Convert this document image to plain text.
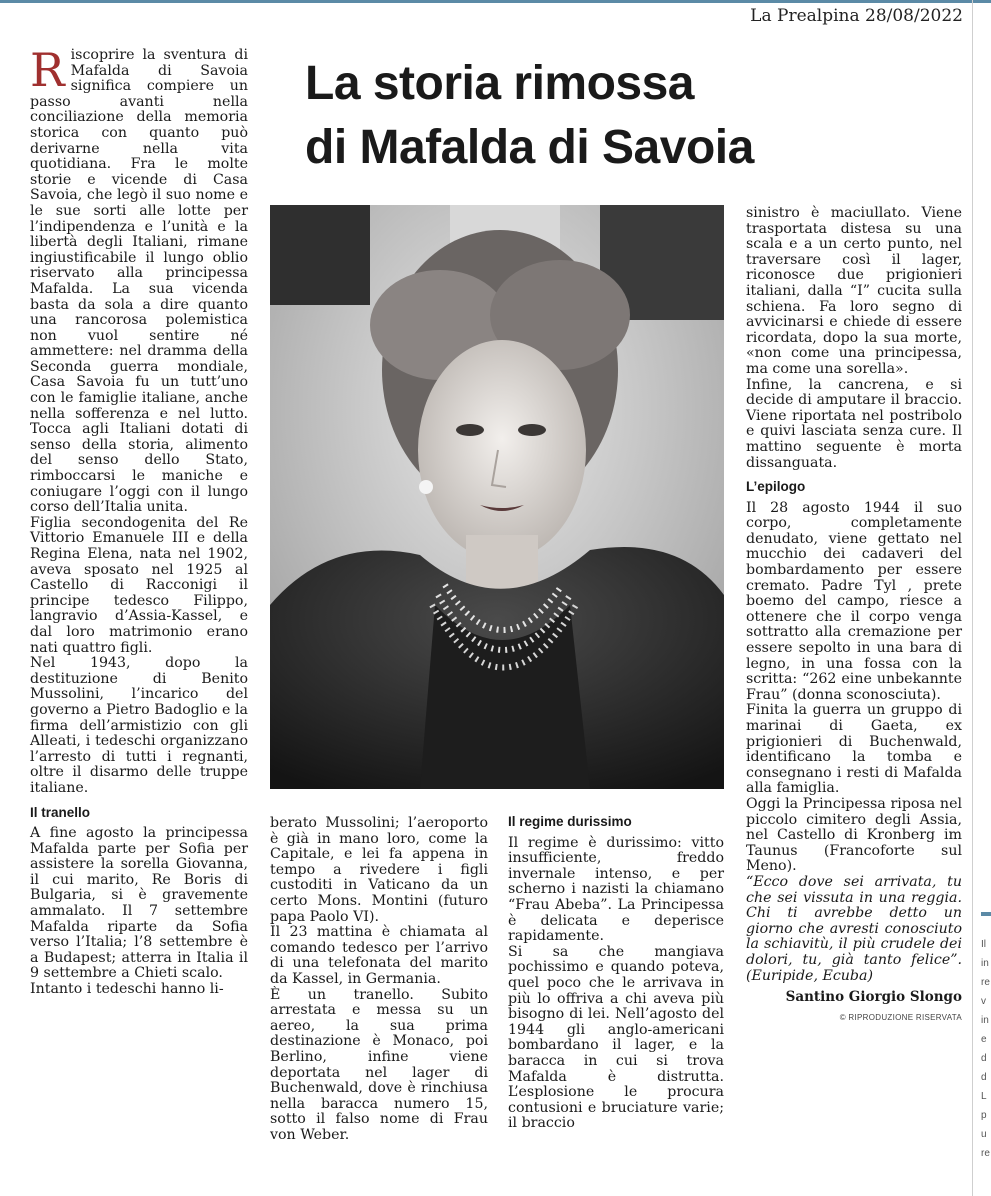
La Prealpina 28/08/2022
La storia rimossa
di Mafalda di Savoia

Riscoprire la sventura di Mafalda di Savoia significa compiere un passo avanti nella conciliazione della memoria storica con quanto può derivarne nella vita quotidiana. Fra le molte storie e vicende di Casa Savoia, che legò il suo nome e le sue sorti alle lotte per l’indipendenza e l’unità e la libertà degli Italiani, rimane ingiustificabile il lungo oblio riservato alla principessa Mafalda. La sua vicenda basta da sola a dire quanto una rancorosa polemistica non vuol sentire né ammettere: nel dramma della Seconda guerra mondiale, Casa Savoia fu un tutt’uno con le famiglie italiane, anche nella sofferenza e nel lutto. Tocca agli Italiani dotati di senso della storia, alimento del senso dello Stato, rimboccarsi le maniche e coniugare l’oggi con il lungo corso dell’Italia unita.

Figlia secondogenita del Re Vittorio Emanuele III e della Regina Elena, nata nel 1902, aveva sposato nel 1925 al Castello di Racconigi il principe tedesco Filippo, langravio d’Assia-Kassel, e dal loro matrimonio erano nati quattro figli.

Nel 1943, dopo la destituzione di Benito Mussolini, l’incarico del governo a Pietro Badoglio e la firma dell’armistizio con gli Alleati, i tedeschi organizzano l’arresto di tutti i regnanti, oltre il disarmo delle truppe italiane.

Il tranello

A fine agosto la principessa Mafalda parte per Sofia per assistere la sorella Giovanna, il cui marito, Re Boris di Bulgaria, si è gravemente ammalato. Il 7 settembre Mafalda riparte da Sofia verso l’Italia; l’8 settembre è a Budapest; atterra in Italia il 9 settembre a Chieti scalo.

Intanto i tedeschi hanno li-

berato Mussolini; l’aeroporto è già in mano loro, come la Capitale, e lei fa appena in tempo a rivedere i figli custoditi in Vaticano da un certo Mons. Montini (futuro papa Paolo VI).

Il 23 mattina è chiamata al comando tedesco per l’arrivo di una telefonata del marito da Kassel, in Germania.

È un tranello. Subito arrestata e messa su un aereo, la sua prima destinazione è Monaco, poi Berlino, infine viene deportata nel lager di Buchenwald, dove è rinchiusa nella baracca numero 15, sotto il falso nome di Frau von Weber.

Il regime durissimo

Il regime è durissimo: vitto insufficiente, freddo invernale intenso, e per scherno i nazisti la chiamano “Frau Abeba”. La Principessa è delicata e deperisce rapidamente.

Si sa che mangiava pochissimo e quando poteva, quel poco che le arrivava in più lo offriva a chi aveva più bisogno di lei. Nell’agosto del 1944 gli anglo-americani bombardano il lager, e la baracca in cui si trova Mafalda è distrutta. L’esplosione le procura contusioni e bruciature varie; il braccio

sinistro è maciullato. Viene trasportata distesa su una scala e a un certo punto, nel traversare così il lager, riconosce due prigionieri italiani, dalla “I” cucita sulla schiena. Fa loro segno di avvicinarsi e chiede di essere ricordata, dopo la sua morte, «non come una principessa, ma come una sorella».

Infine, la cancrena, e si decide di amputare il braccio. Viene riportata nel postribolo e quivi lasciata senza cure. Il mattino seguente è morta dissanguata.

L’epilogo

Il 28 agosto 1944 il suo corpo, completamente denudato, viene gettato nel mucchio dei cadaveri del bombardamento per essere cremato. Padre Tyl , prete boemo del campo, riesce a ottenere che il corpo venga sottratto alla cremazione per essere sepolto in una bara di legno, in una fossa con la scritta: “262 eine unbekannte Frau” (donna sconosciuta).

Finita la guerra un gruppo di marinai di Gaeta, ex prigionieri di Buchenwald, identificano la tomba e consegnano i resti di Mafalda alla famiglia.

Oggi la Principessa riposa nel piccolo cimitero degli Assia, nel Castello di Kronberg im Taunus (Francoforte sul Meno).

“Ecco dove sei arrivata, tu che sei vissuta in una reggia. Chi ti avrebbe detto un giorno che avresti conosciuto la schiavitù, il più crudele dei dolori, tu, già tanto felice”. (Euripide, Ecuba)

Santino Giorgio Slongo
© RIPRODUZIONE RISERVATA
Il
in
re
v
in
e
d
d
L
p
u
re
